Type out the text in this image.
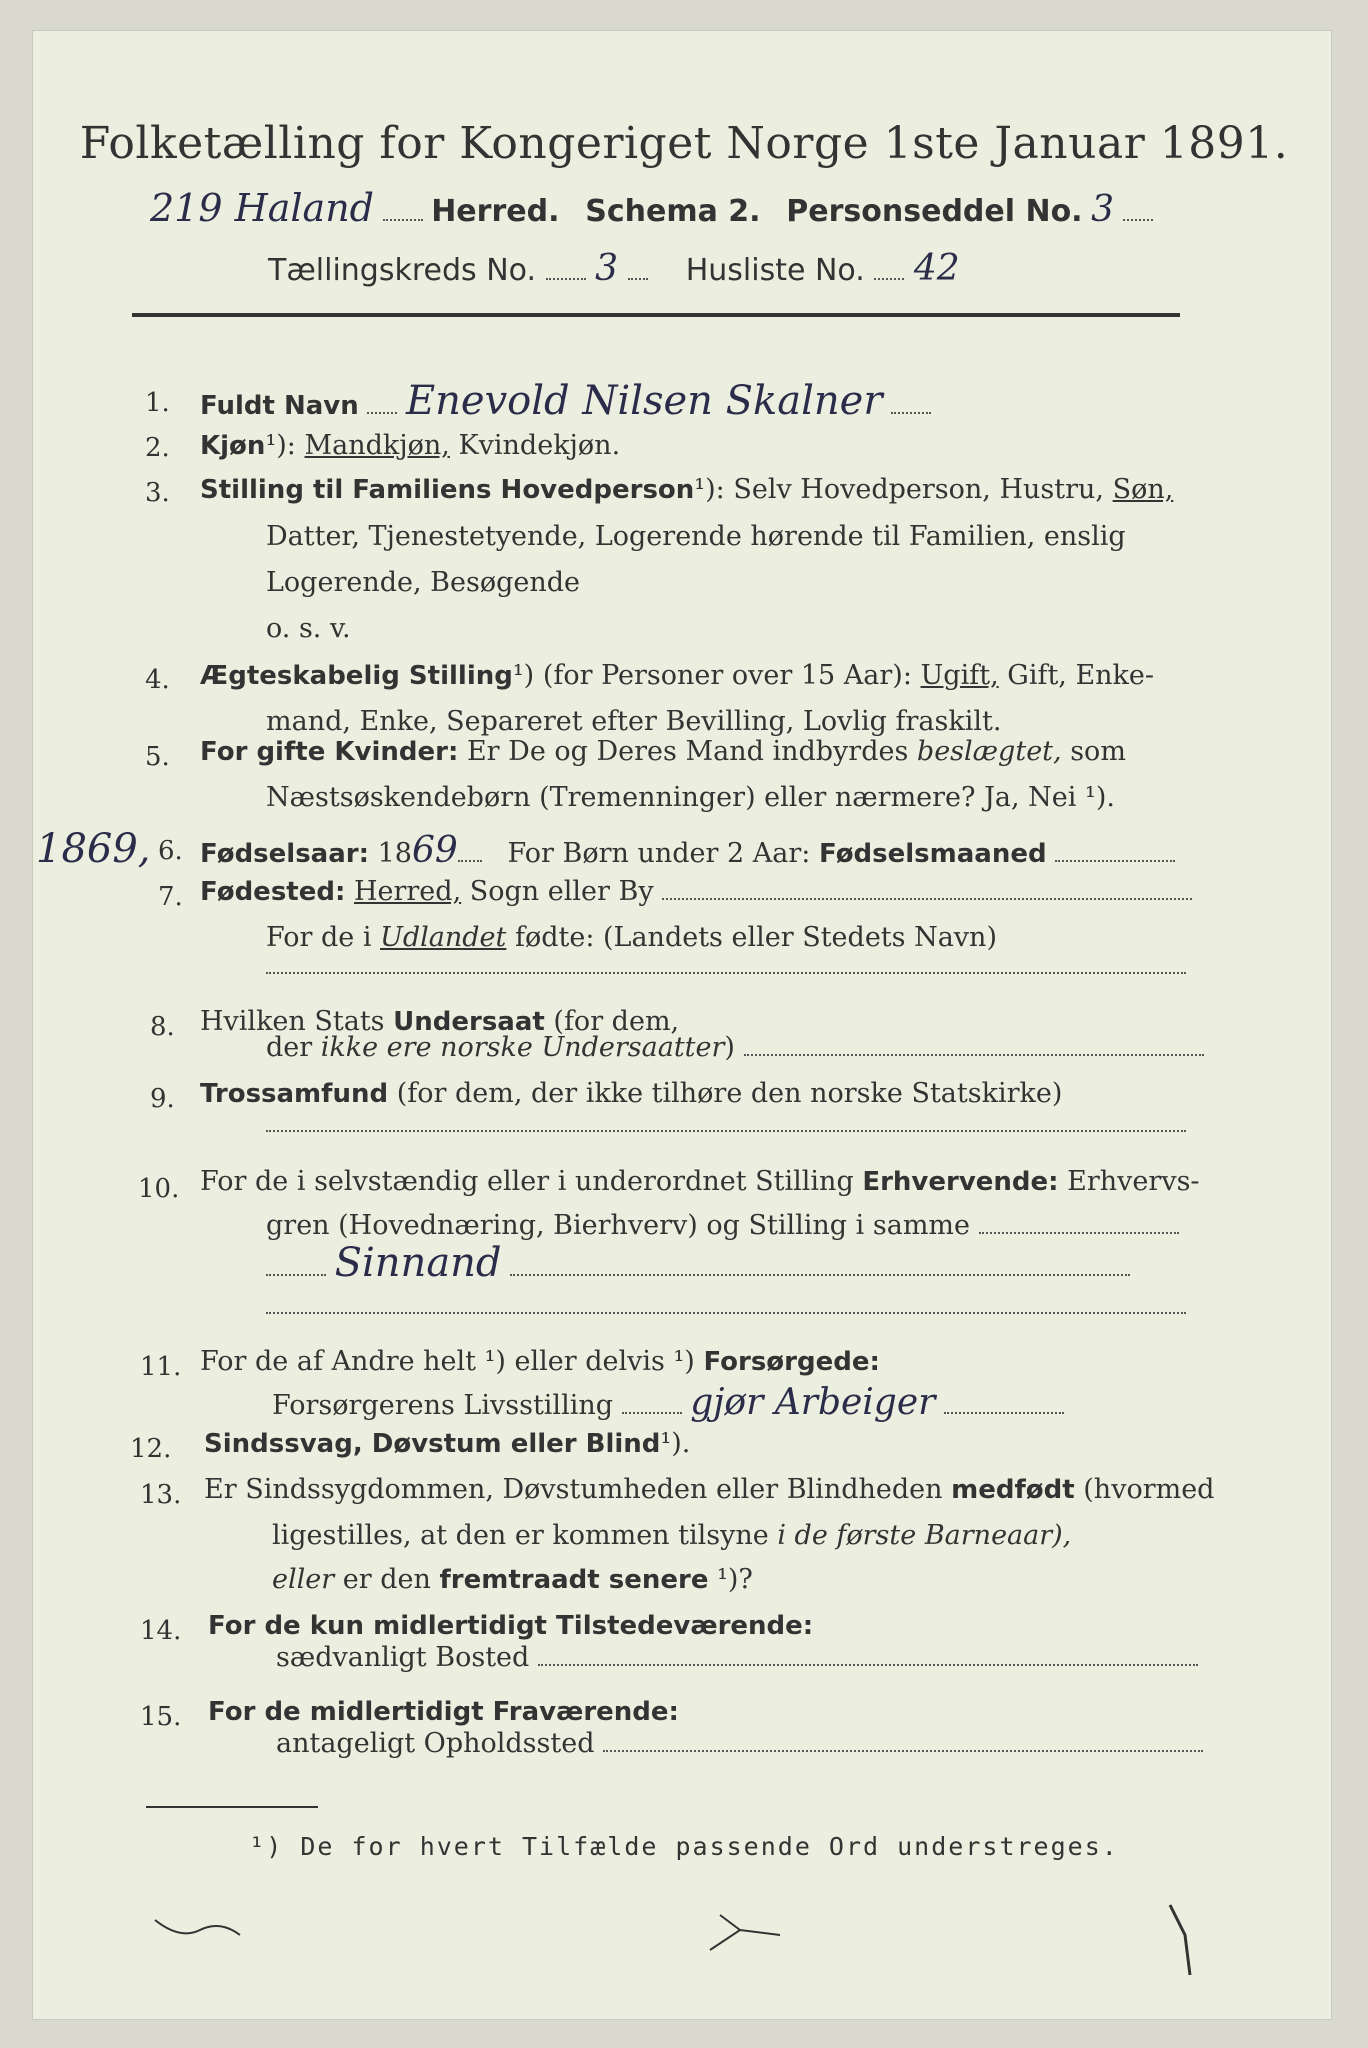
Folketælling for Kongeriget Norge 1ste Januar 1891.
219 Haland Herred. Schema 2. Personseddel No. 3
Tællingskreds No. 3 Husliste No. 42
1. Fuldt Navn Enevold Nilsen Skalner
2. Kjøn¹): Mandkjøn, Kvindekjøn.
3. Stilling til Familiens Hovedperson¹): Selv Hovedperson, Hustru, Søn,
Datter, Tjenestetyende, Logerende hørende til Familien, enslig
Logerende, Besøgende
o. s. v.
4. Ægteskabelig Stilling¹) (for Personer over 15 Aar): Ugift, Gift, Enke-
mand, Enke, Separeret efter Bevilling, Lovlig fraskilt.
5. For gifte Kvinder: Er De og Deres Mand indbyrdes beslægtet, som
Næstsøskendebørn (Tremenninger) eller nærmere? Ja, Nei ¹).
1869, 6. Fødselsaar: 1869 For Børn under 2 Aar: Fødselsmaaned
7. Fødested: Herred, Sogn eller By
For de i Udlandet fødte: (Landets eller Stedets Navn)
8. Hvilken Stats Undersaat (for dem,
der ikke ere norske Undersaatter)
9. Trossamfund (for dem, der ikke tilhøre den norske Statskirke)
10. For de i selvstændig eller i underordnet Stilling Erhvervende: Erhvervs-
gren (Hovednæring, Bierhverv) og Stilling i samme
Sinnand
11. For de af Andre helt ¹) eller delvis ¹) Forsørgede:
Forsørgerens Livsstilling gjør Arbeiger
12. Sindssvag, Døvstum eller Blind¹).
13. Er Sindssygdommen, Døvstumheden eller Blindheden medfødt (hvormed
ligestilles, at den er kommen tilsyne i de første Barneaar),
eller er den fremtraadt senere ¹)?
14. For de kun midlertidigt Tilstedeværende:
sædvanligt Bosted
15. For de midlertidigt Fraværende:
antageligt Opholdssted
¹) De for hvert Tilfælde passende Ord understreges.
